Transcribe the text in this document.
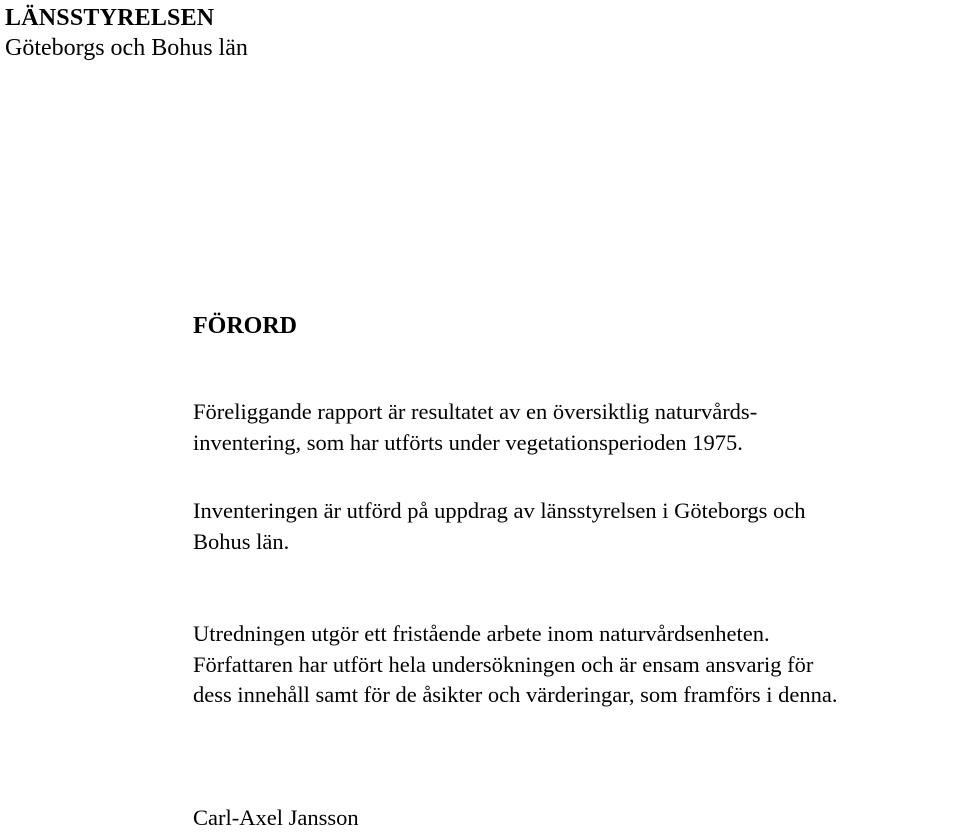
LÄNSSTYRELSEN
Göteborgs och Bohus län
FÖRORD

Föreliggande rapport är resultatet av en översiktlig naturvårds-
inventering, som har utförts under vegetationsperioden 1975.

Inventeringen är utförd på uppdrag av länsstyrelsen i Göteborgs och
Bohus län.

Utredningen utgör ett fristående arbete inom naturvårdsenheten.
Författaren har utfört hela undersökningen och är ensam ansvarig för
dess innehåll samt för de åsikter och värderingar, som framförs i denna.

Carl-Axel Jansson
